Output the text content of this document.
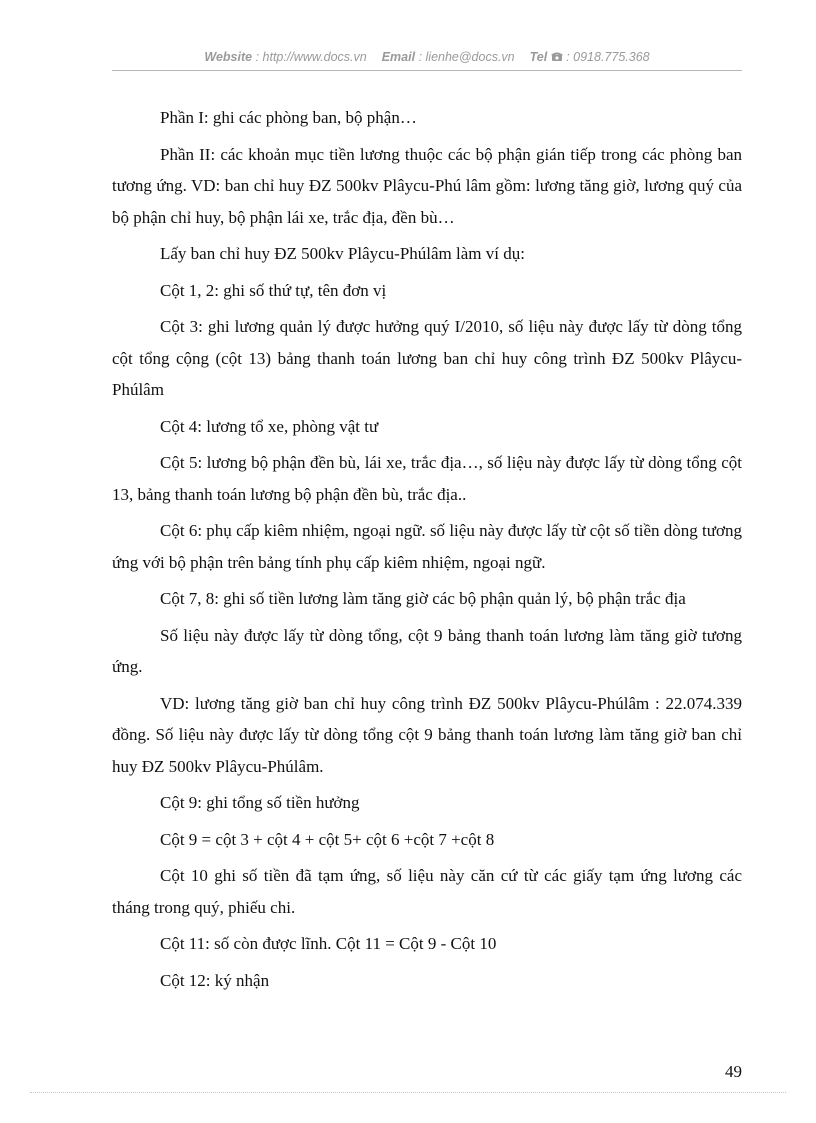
Website : http://www.docs.vn Email : lienhe@docs.vn Tel : 0918.775.368

Phần I: ghi các phòng ban, bộ phận…

Phần II: các khoản mục tiền lương thuộc các bộ phận gián tiếp trong các phòng ban tương ứng. VD: ban chỉ huy ĐZ 500kv Plâycu-Phú lâm gồm: lương tăng giờ, lương quý của bộ phận chỉ huy, bộ phận lái xe, trắc địa, đền bù…

Lấy ban chỉ huy ĐZ 500kv Plâycu-Phúlâm làm ví dụ:

Cột 1, 2: ghi số thứ tự, tên đơn vị

Cột 3: ghi lương quản lý được hưởng quý I/2010, số liệu này được lấy từ dòng tổng cột tổng cộng (cột 13) bảng thanh toán lương ban chỉ huy công trình ĐZ 500kv Plâycu-Phúlâm

Cột 4: lương tổ xe, phòng vật tư

Cột 5: lương bộ phận đền bù, lái xe, trắc địa…, số liệu này được lấy từ dòng tổng cột 13, bảng thanh toán lương bộ phận đền bù, trắc địa..

Cột 6: phụ cấp kiêm nhiệm, ngoại ngữ. số liệu này được lấy từ cột số tiền dòng tương ứng với bộ phận trên bảng tính phụ cấp kiêm nhiệm, ngoại ngữ.

Cột 7, 8: ghi số tiền lương làm tăng giờ các bộ phận quản lý, bộ phận trắc địa

Số liệu này được lấy từ dòng tổng, cột 9 bảng thanh toán lương làm tăng giờ tương ứng.

VD: lương tăng giờ ban chỉ huy công trình ĐZ 500kv Plâycu-Phúlâm : 22.074.339 đồng. Số liệu này được lấy từ dòng tổng cột 9 bảng thanh toán lương làm tăng giờ ban chỉ huy ĐZ 500kv Plâycu-Phúlâm.

Cột 9: ghi tổng số tiền hưởng

Cột 9 = cột 3 + cột 4 + cột 5+ cột 6 +cột 7 +cột 8

Cột 10 ghi số tiền đã tạm ứng, số liệu này căn cứ từ các giấy tạm ứng lương các tháng trong quý, phiếu chi.

Cột 11: số còn được lĩnh. Cột 11 = Cột 9 - Cột 10

Cột 12: ký nhận

49
